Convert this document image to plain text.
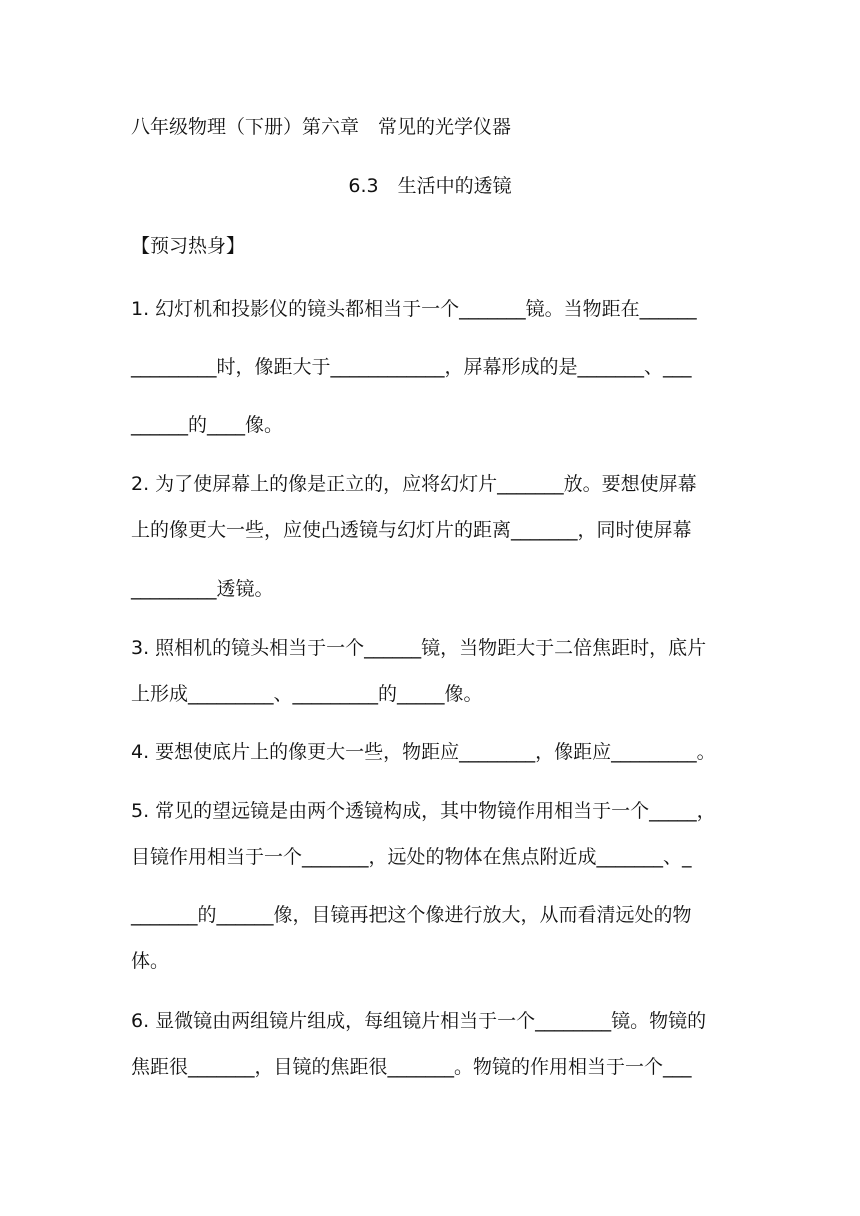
八年级物理（下册）第六章　常见的光学仪器
6.3　生活中的透镜
【预习热身】
1. 幻灯机和投影仪的镜头都相当于一个_______镜。当物距在______
_________时，像距大于____________，屏幕形成的是_______、___
______的____像。
2. 为了使屏幕上的像是正立的，应将幻灯片_______放。要想使屏幕
上的像更大一些，应使凸透镜与幻灯片的距离_______，同时使屏幕
_________透镜。
3. 照相机的镜头相当于一个______镜，当物距大于二倍焦距时，底片
上形成_________、_________的_____像。
4. 要想使底片上的像更大一些，物距应________，像距应_________。
5. 常见的望远镜是由两个透镜构成，其中物镜作用相当于一个_____，
目镜作用相当于一个_______，远处的物体在焦点附近成_______、_
_______的______像，目镜再把这个像进行放大，从而看清远处的物
体。
6. 显微镜由两组镜片组成，每组镜片相当于一个________镜。物镜的
焦距很_______，目镜的焦距很_______。物镜的作用相当于一个___
